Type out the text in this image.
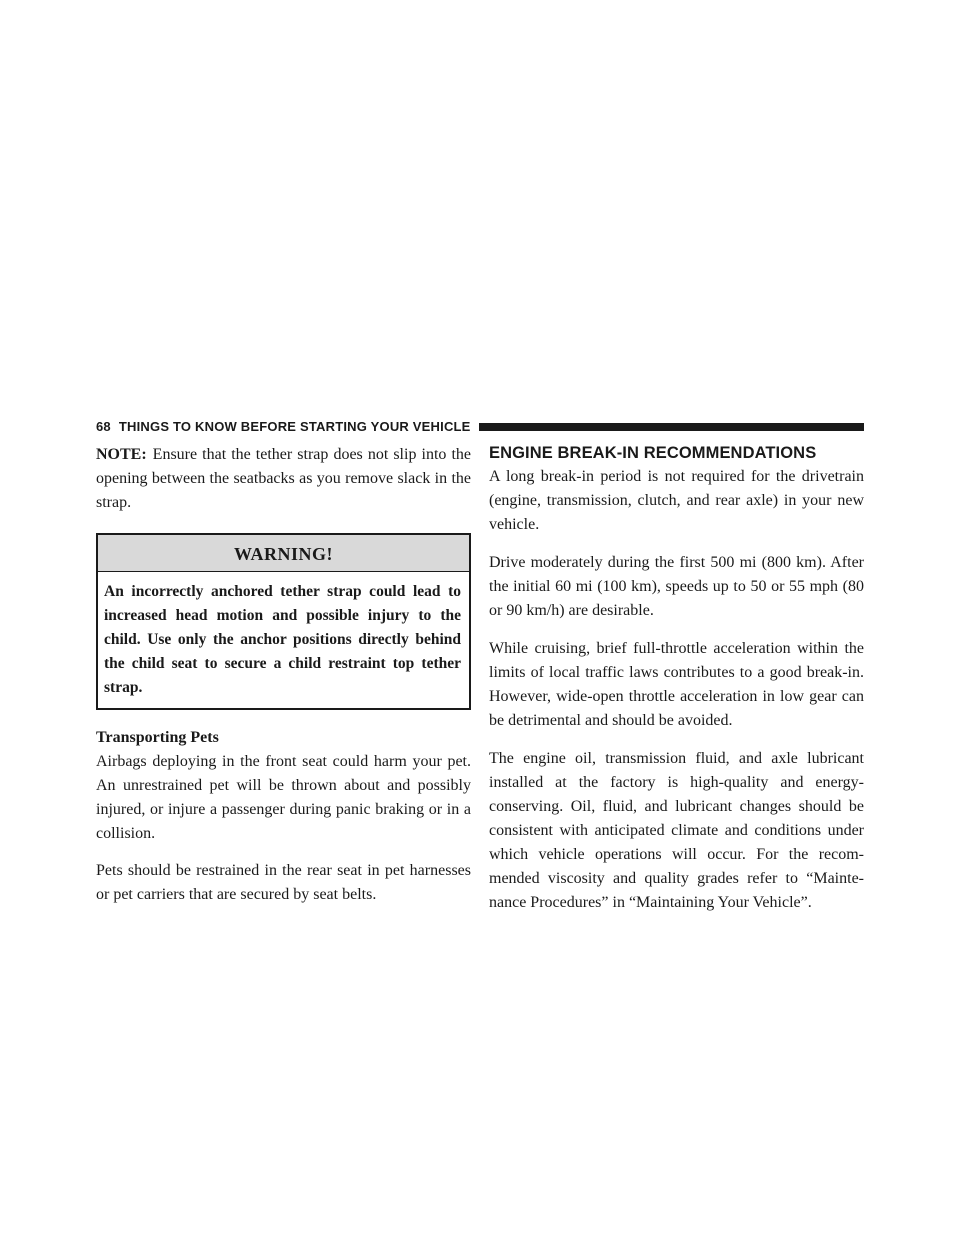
68 THINGS TO KNOW BEFORE STARTING YOUR VEHICLE

NOTE: Ensure that the tether strap does not slip into the opening between the seatbacks as you remove slack in the strap.

WARNING!
An incorrectly anchored tether strap could lead to increased head motion and possible injury to the child. Use only the anchor positions directly behind the child seat to secure a child restraint top tether strap.
Transporting Pets

Airbags deploying in the front seat could harm your pet. An unrestrained pet will be thrown about and possibly injured, or injure a passenger during panic braking or in a collision.

Pets should be restrained in the rear seat in pet harnesses or pet carriers that are secured by seat belts.

ENGINE BREAK-IN RECOMMENDATIONS

A long break-in period is not required for the drivetrain (engine, transmission, clutch, and rear axle) in your new vehicle.

Drive moderately during the first 500 mi (800 km). After the initial 60 mi (100 km), speeds up to 50 or 55 mph (80 or 90 km/h) are desirable.

While cruising, brief full-throttle acceleration within the limits of local traffic laws contributes to a good break-in. However, wide-open throttle acceleration in low gear can be detrimental and should be avoided.

The engine oil, transmission fluid, and axle lubricant installed at the factory is high-quality and energy-conserving. Oil, fluid, and lubricant changes should be consistent with anticipated climate and conditions under which vehicle operations will occur. For the recom-mended viscosity and quality grades refer to “Mainte-nance Procedures” in “Maintaining Your Vehicle”.
